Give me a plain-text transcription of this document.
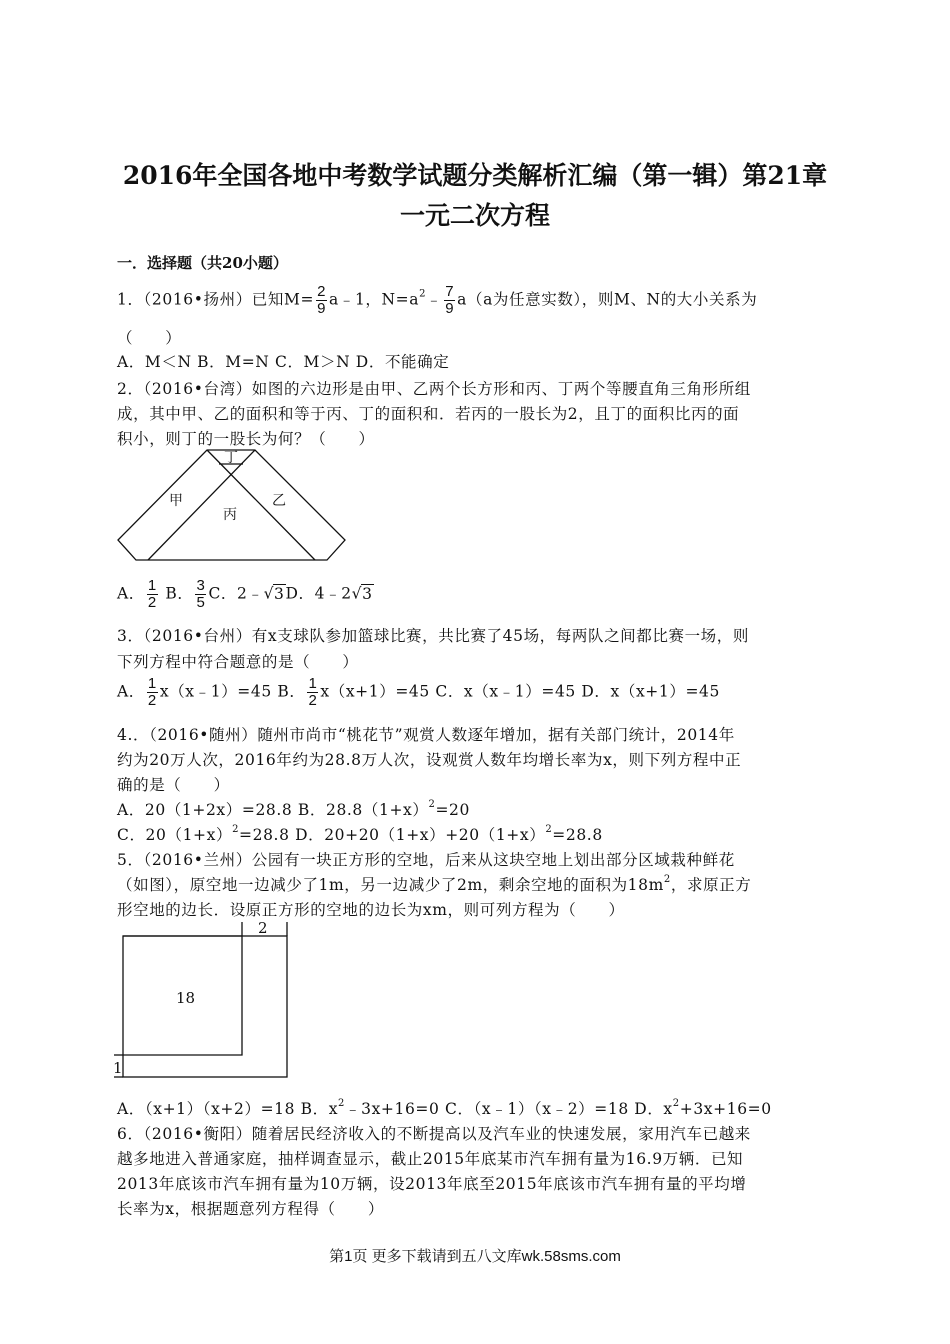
2016年全国各地中考数学试题分类解析汇编（第一辑）第21章
一元二次方程
一．选择题（共20小题）
1．（2016•扬州）已知$M= \frac{2}{9}$ a﹣1，$N=a^2﹣ \frac{7}{9} a(a$为任意实数），则M、N的大小关系为
（　　）
A．M＜N B．M=N C．M＞N D．不能确定
2．（2016•台湾）如图的六边形是由甲、乙两个长方形和丙、丁两个等腰直角三角形所组
成，其中甲、乙的面积和等于丙、丁的面积和．若丙的一股长为2，且丁的面积比丙的面
积小，则丁的一股长为何？（　　）
丁
甲	乙
丙
A． $\frac{1}{2}$ B． $\frac{3}{5}$ C．2﹣√3D．4﹣2√3
3．（2016•台州）有x支球队参加篮球比赛，共比赛了45场，每两队之间都比赛一场，则
下列方程中符合题意的是（　　）
A． $\frac{1}{2}$ x（x﹣1）=45 B． $\frac{1}{2} x(x+1)=45$ C．x（x﹣1）=45 D．x（x+1）=45
4.．（2016•随州）随州市尚市“桃花节”观赏人数逐年增加，据有关部门统计，2014年
约为20万人次，2016年约为28.8万人次，设观赏人数年均增长率为x，则下列方程中正
确的是（　　）
A．20（1+2x）=28.8 B．$28.8(1+x)^2=20$
C．$20(1+x)^2=28.8$ D．$20+20(1+x)+20(1+x)^2=28.8$
5．（2016•兰州）公园有一块正方形的空地，后来从这块空地上划出部分区域栽种鲜花
（如图），原空地一边减少了1m，另一边减少了2m，剩余空地的面积为$18m^2$，求原正方
形空地的边长．设原正方形的空地的边长为xm，则可列方程为（　　）
18
2
1
A．（x+1）（x+2）=18 B．$x^2﹣3x+16=0$ C．（x﹣1）（x﹣2）=18 D．$x^2+3x+16=0$
6．（2016•衡阳）随着居民经济收入的不断提高以及汽车业的快速发展，家用汽车已越来
越多地进入普通家庭，抽样调查显示，截止2015年底某市汽车拥有量为16.9万辆．已知
2013年底该市汽车拥有量为10万辆，设2013年底至2015年底该市汽车拥有量的平均增
长率为x，根据题意列方程得（　　）
第1页 更多下载请到五八文库wk.58sms.com
